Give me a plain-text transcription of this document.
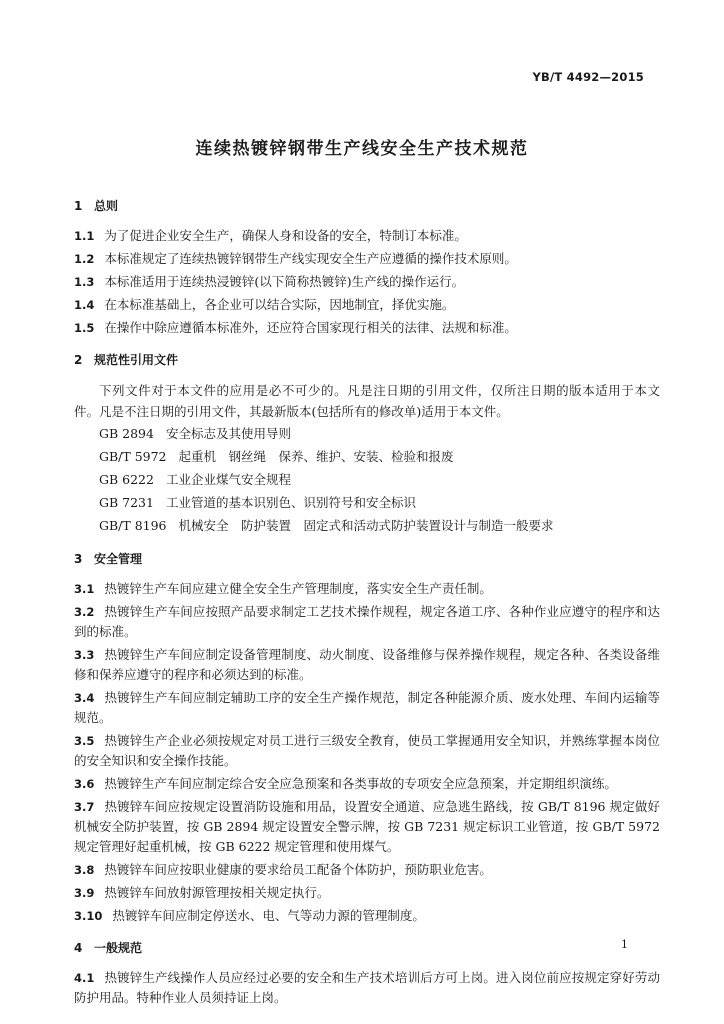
YB/T 4492—2015
连续热镀锌钢带生产线安全生产技术规范
1 总则

1.1 为了促进企业安全生产，确保人身和设备的安全，特制订本标准。

1.2 本标准规定了连续热镀锌钢带生产线实现安全生产应遵循的操作技术原则。

1.3 本标准适用于连续热浸镀锌(以下简称热镀锌)生产线的操作运行。

1.4 在本标准基础上，各企业可以结合实际，因地制宜，择优实施。

1.5 在操作中除应遵循本标准外，还应符合国家现行相关的法律、法规和标准。

2 规范性引用文件

下列文件对于本文件的应用是必不可少的。凡是注日期的引用文件，仅所注日期的版本适用于本文件。凡是不注日期的引用文件，其最新版本(包括所有的修改单)适用于本文件。

GB 2894 安全标志及其使用导则
GB/T 5972 起重机　钢丝绳　保养、维护、安装、检验和报废
GB 6222 工业企业煤气安全规程
GB 7231 工业管道的基本识别色、识别符号和安全标识
GB/T 8196 机械安全　防护装置　固定式和活动式防护装置设计与制造一般要求
3 安全管理

3.1 热镀锌生产车间应建立健全安全生产管理制度，落实安全生产责任制。

3.2 热镀锌生产车间应按照产品要求制定工艺技术操作规程，规定各道工序、各种作业应遵守的程序和达到的标准。

3.3 热镀锌生产车间应制定设备管理制度、动火制度、设备维修与保养操作规程，规定各种、各类设备维修和保养应遵守的程序和必须达到的标准。

3.4 热镀锌生产车间应制定辅助工序的安全生产操作规范，制定各种能源介质、废水处理、车间内运输等规范。

3.5 热镀锌生产企业必须按规定对员工进行三级安全教育，使员工掌握通用安全知识，并熟练掌握本岗位的安全知识和安全操作技能。

3.6 热镀锌生产车间应制定综合安全应急预案和各类事故的专项安全应急预案，并定期组织演练。

3.7 热镀锌车间应按规定设置消防设施和用品，设置安全通道、应急逃生路线，按 GB/T 8196 规定做好机械安全防护装置，按 GB 2894 规定设置安全警示牌，按 GB 7231 规定标识工业管道，按 GB/T 5972 规定管理好起重机械，按 GB 6222 规定管理和使用煤气。

3.8 热镀锌车间应按职业健康的要求给员工配备个体防护，预防职业危害。

3.9 热镀锌车间放射源管理按相关规定执行。

3.10 热镀锌车间应制定停送水、电、气等动力源的管理制度。

4 一般规范

4.1 热镀锌生产线操作人员应经过必要的安全和生产技术培训后方可上岗。进入岗位前应按规定穿好劳动防护用品。特种作业人员须持证上岗。

1
